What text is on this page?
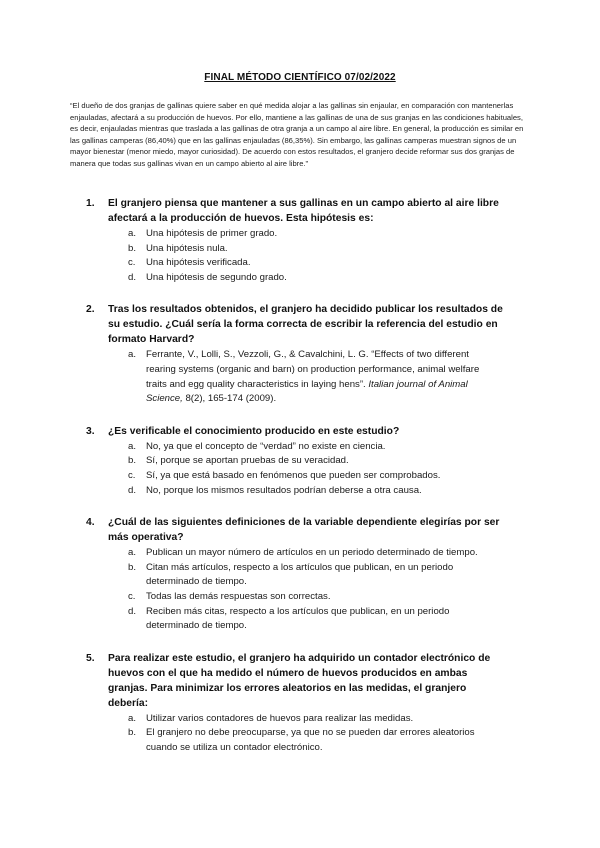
FINAL MÉTODO CIENTÍFICO 07/02/2022
“El dueño de dos granjas de gallinas quiere saber en qué medida alojar a las gallinas sin enjaular, en comparación con mantenerlas enjauladas, afectará a su producción de huevos. Por ello, mantiene a las gallinas de una de sus granjas en las condiciones habituales, es decir, enjauladas mientras que traslada a las gallinas de otra granja a un campo al aire libre. En general, la producción es similar en las gallinas camperas (86,40%) que en las gallinas enjauladas (86,35%). Sin embargo, las gallinas camperas muestran signos de un mayor bienestar (menor miedo, mayor curiosidad). De acuerdo con estos resultados, el granjero decide reformar sus dos granjas de manera que todas sus gallinas vivan en un campo abierto al aire libre.”
1.	El granjero piensa que mantener a sus gallinas en un campo abierto al aire libre afectará a la producción de huevos. Esta hipótesis es:
a.	Una hipótesis de primer grado.
b.	Una hipótesis nula.
c.	Una hipótesis verificada.
d.	Una hipótesis de segundo grado.
2.	Tras los resultados obtenidos, el granjero ha decidido publicar los resultados de su estudio. ¿Cuál sería la forma correcta de escribir la referencia del estudio en formato Harvard?
a.	Ferrante, V., Lolli, S., Vezzoli, G., & Cavalchini, L. G. “Effects of two different rearing systems (organic and barn) on production performance, animal welfare traits and egg quality characteristics in laying hens”. Italian journal of Animal Science, 8(2), 165-174 (2009).
3.	¿Es verificable el conocimiento producido en este estudio?
a.	No, ya que el concepto de “verdad” no existe en ciencia.
b.	Sí, porque se aportan pruebas de su veracidad.
c.	Sí, ya que está basado en fenómenos que pueden ser comprobados.
d.	No, porque los mismos resultados podrían deberse a otra causa.
4.	¿Cuál de las siguientes definiciones de la variable dependiente elegirías por ser más operativa?
a.	Publican un mayor número de artículos en un periodo determinado de tiempo.
b.	Citan más artículos, respecto a los artículos que publican, en un periodo determinado de tiempo.
c.	Todas las demás respuestas son correctas.
d.	Reciben más citas, respecto a los artículos que publican, en un periodo determinado de tiempo.
5.	Para realizar este estudio, el granjero ha adquirido un contador electrónico de huevos con el que ha medido el número de huevos producidos en ambas granjas. Para minimizar los errores aleatorios en las medidas, el granjero debería:
a.	Utilizar varios contadores de huevos para realizar las medidas.
b.	El granjero no debe preocuparse, ya que no se pueden dar errores aleatorios cuando se utiliza un contador electrónico.
